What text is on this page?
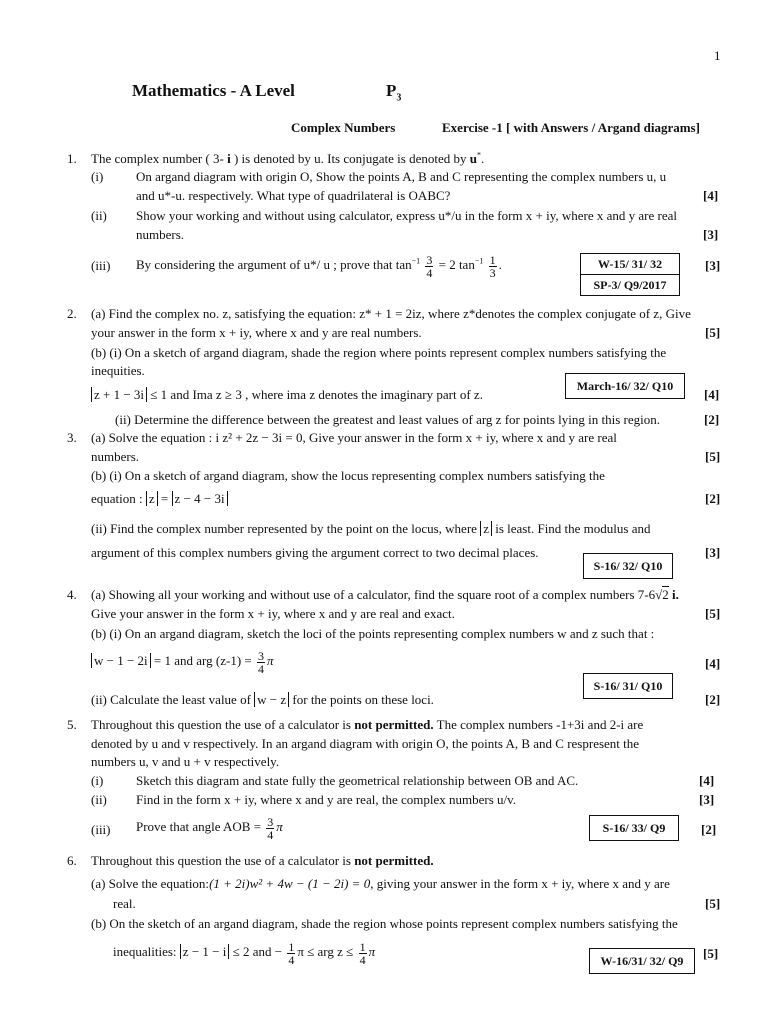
1
Mathematics - A Level	$P_3$
Complex Numbers	Exercise -1 [ with Answers / Argand diagrams]
1. The complex number ( 3- i ) is denoted by u. Its conjugate is denoted by u*.
(i)	On argand diagram with origin O, Show the points A, B and C representing the complex numbers u, u
and u*-u. respectively. What type of quadrilateral is OABC?	[4]
(ii) Show your working and without using calculator, express u*/u in the form x + iy, where x and y are real
numbers.	[3]
(iii) By considering the argument of u*/ u ; prove that $\tan^{-1} \frac{3}{4} = 2$ $\tan^{-1} \frac{1}{3}$ .	W-15/ 31/ 32
SP-3/ Q9/2017
[3]
2. (a) Find the complex no. z, satisfying the equation: z* + 1 = 2iz, where z*denotes the complex conjugate of z, Give
your answer in the form x + iy, where x and y are real numbers.	[5]
(b) (i) On a sketch of argand diagram, shade the region where points represent complex numbers satisfying the
inequities.
z + 1 − 3i ≤ 1 and Ima z ≥ 3 , where ima z denotes the imaginary part of z.
March-16/ 32/ Q10
[4]
(ii) Determine the difference between the greatest and least values of arg z for points lying in this region.	[2]
3. (a) Solve the equation : i z² + 2z − 3i = 0, Give your answer in the form x + iy, where x and y are real
numbers.	[5]
(b) (i) On a sketch of argand diagram, show the locus representing complex numbers satisfying the
equation : z = z − 4 − 3i	[2]
(ii) Find the complex number represented by the point on the locus, where z is least. Find the modulus and
argument of this complex numbers giving the argument correct to two decimal places.	[3]
S-16/ 32/ Q10
4. (a) Showing all your working and without use of a calculator, find the square root of a complex numbers 7-6√2 i.
Give your answer in the form x + iy, where x and y are real and exact.	[5]
(b) (i) On an argand diagram, sketch the loci of the points representing complex numbers w and z such that :
w − 1 − 2i = 1 and arg $(z-1) = \frac{3}{4}$ π	[4]
S-16/ 31/ Q10
(ii) Calculate the least value of w − z for the points on these loci.	[2]
5. Throughout this question the use of a calculator is not permitted. The complex numbers -1+3i and 2-i are
denoted by u and v respectively. In an argand diagram with origin O, the points A, B and C respresent the
numbers u, v and u + v respectively.
(i)	Sketch this diagram and state fully the geometrical relationship between OB and AC.	[4]
(ii) Find in the form x + iy, where x and y are real, the complex numbers u/v.	[3]
(iii) Prove that angle AOB = $\frac{3}{4}$ π	S-16/ 33/ Q9	[2]
6. Throughout this question the use of a calculator is not permitted.
(a) Solve the equation:(1 + 2i)w² + 4w − (1 − 2i) = 0, giving your answer in the form x + iy, where x and y are
real.	[5]
(b) On the sketch of an argand diagram, shade the region whose points represent complex numbers satisfying the
inequalities: z − 1 − i ≤ 2 and − $\frac{1}{4}$ π ≤ arg $z \le \frac{1}{4}$ π
W-16/31/ 32/ Q9	[5]
